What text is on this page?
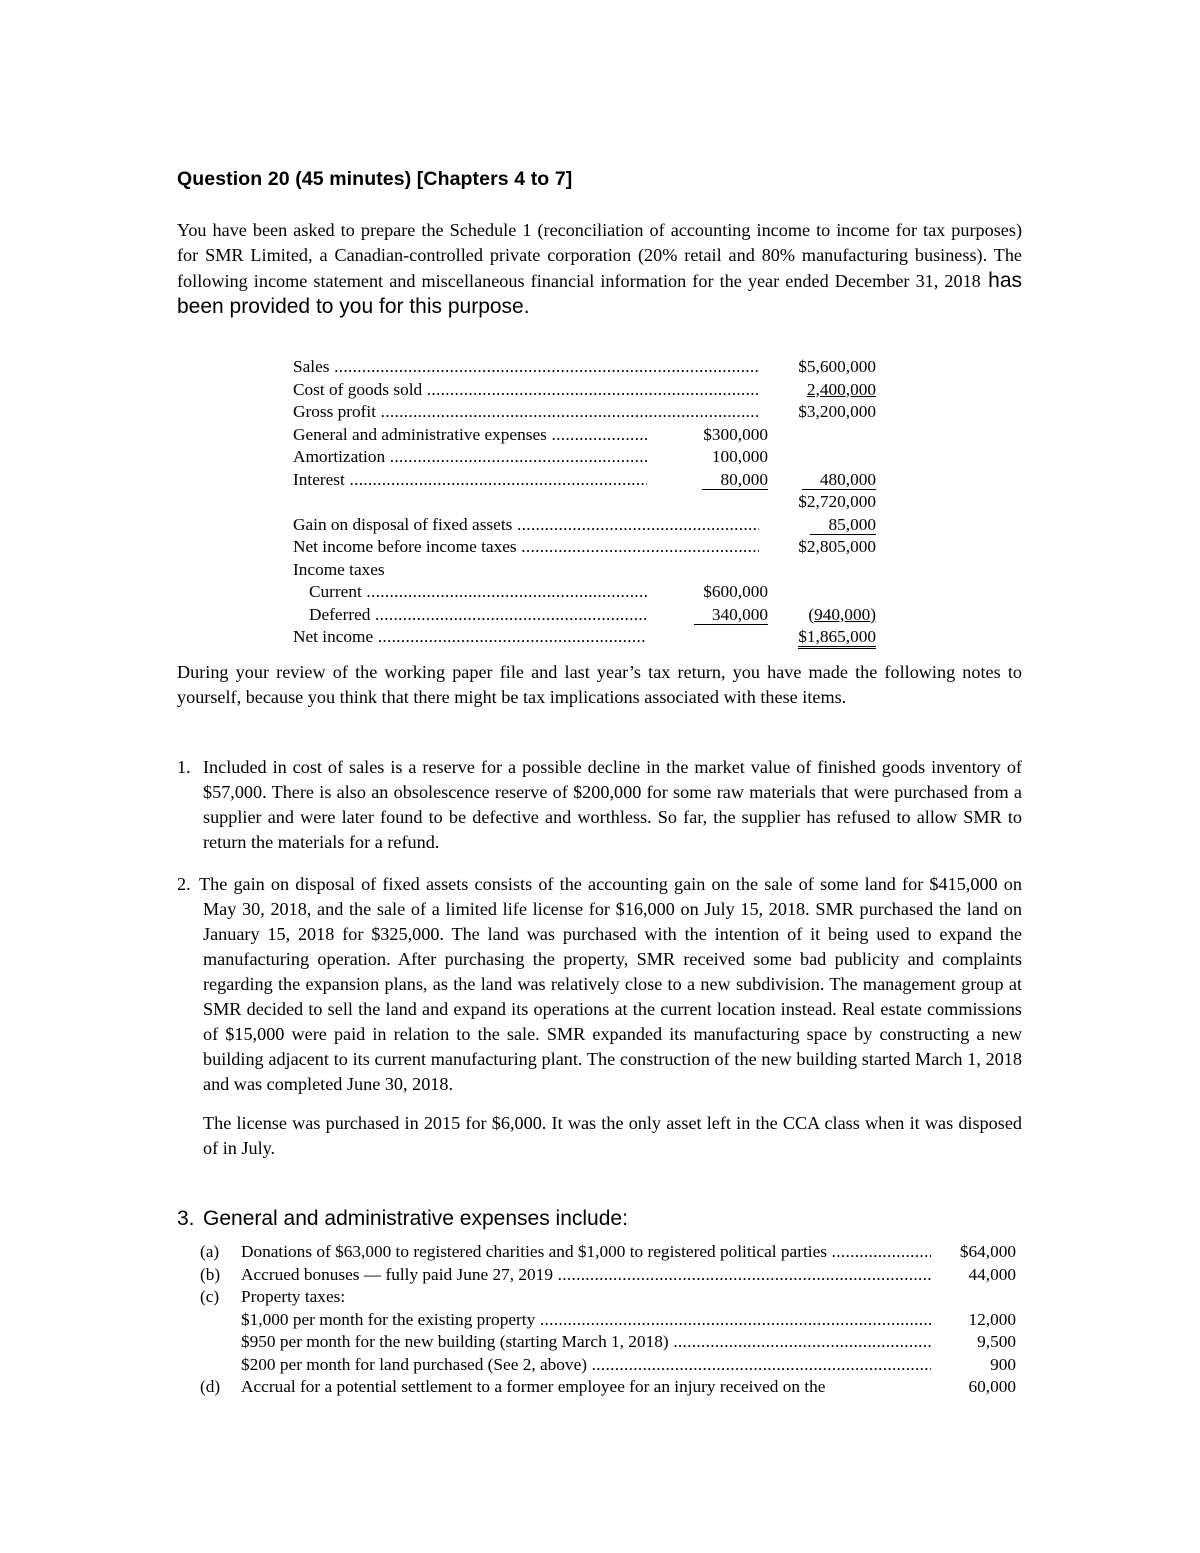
Question 20 (45 minutes) [Chapters 4 to 7]
You have been asked to prepare the Schedule 1 (reconciliation of accounting income to income for tax purposes) for SMR Limited, a Canadian-controlled private corporation (20% retail and 80% manufacturing business). The following income statement and miscellaneous financial information for the year ended December 31, 2018 has been provided to you for this purpose.
Sales .....	$5,600,000
Cost of goods sold .....	2,400,000
Gross profit .....	$3,200,000
General and administrative expenses .....	$300,000
Amortization .....	100,000
Interest .....	80,000	480,000
$2,720,000
Gain on disposal of fixed assets .....	85,000
Net income before income taxes .....	$2,805,000
Income taxes
Current .....	$600,000
Deferred .....	340,000 (940,000)
Net income .....	$1,865,000
During your review of the working paper file and last year’s tax return, you have made the following notes to yourself, because you think that there might be tax implications associated with these items.
1. Included in cost of sales is a reserve for a possible decline in the market value of finished goods inventory of $57,000. There is also an obsolescence reserve of $200,000 for some raw materials that were purchased from a supplier and were later found to be defective and worthless. So far, the supplier has refused to allow SMR to return the materials for a refund.
2. The gain on disposal of fixed assets consists of the accounting gain on the sale of some land for $415,000 on May 30, 2018, and the sale of a limited life license for $16,000 on July 15, 2018. SMR purchased the land on January 15, 2018 for $325,000. The land was purchased with the intention of it being used to expand the manufacturing operation. After purchasing the property, SMR received some bad publicity and complaints regarding the expansion plans, as the land was relatively close to a new subdivision. The management group at SMR decided to sell the land and expand its operations at the current location instead. Real estate commissions of $15,000 were paid in relation to the sale. SMR expanded its manufacturing space by constructing a new building adjacent to its current manufacturing plant. The construction of the new building started March 1, 2018 and was completed June 30, 2018.
The license was purchased in 2015 for $6,000. It was the only asset left in the CCA class when it was disposed of in July.
3. General and administrative expenses include:
(a) Donations of $63,000 to registered charities and $1,000 to registered political parties .....	$64,000
(b) Accrued bonuses — fully paid June 27, 2019 .....	44,000
(c) Property taxes:
$1,000 per month for the existing property .....	12,000
$950 per month for the new building (starting March 1, 2018) .....	9,500
$200 per month for land purchased (See 2, above) .....	900
(d) Accrual for a potential settlement to a former employee for an injury received on the	60,000
